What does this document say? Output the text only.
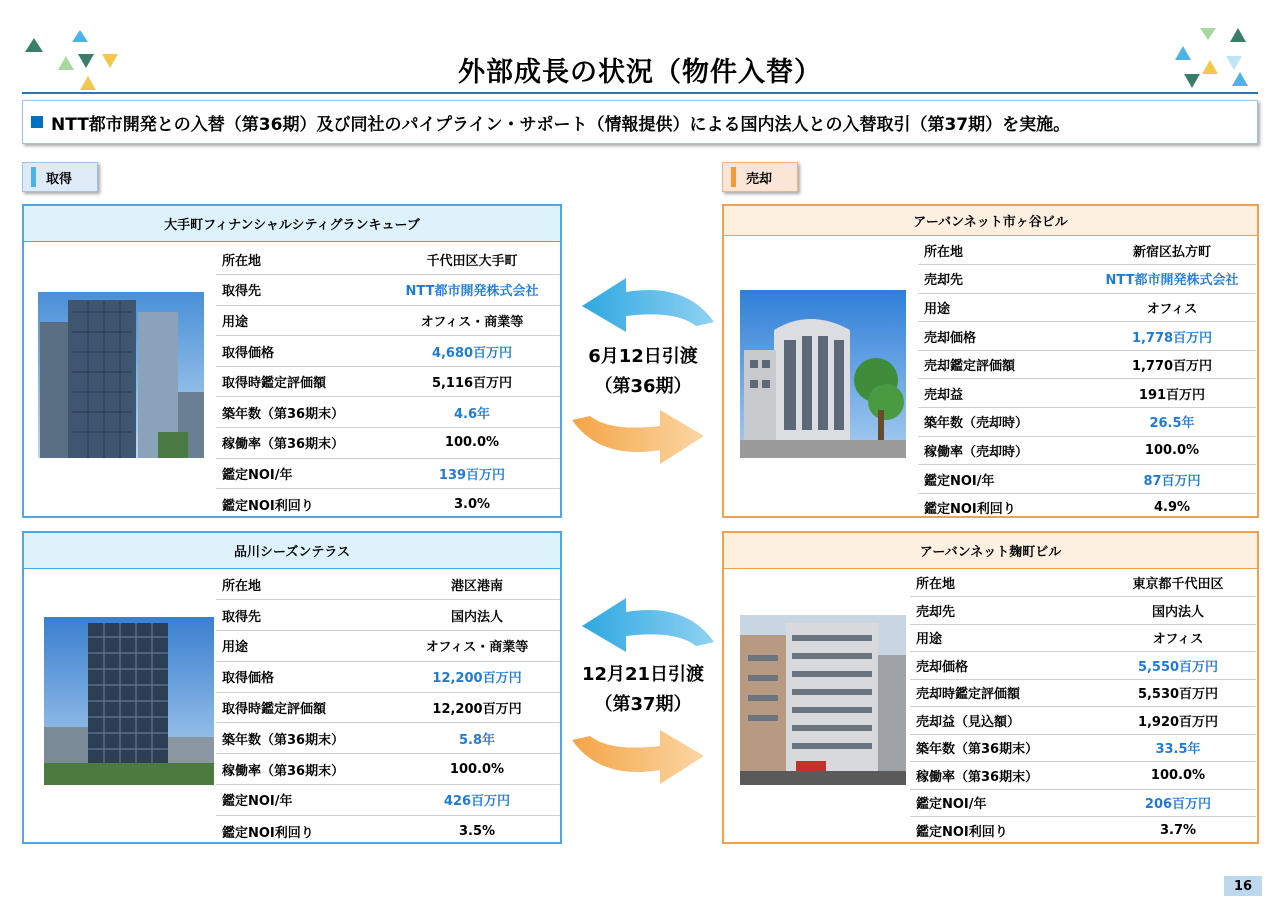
外部成長の状況（物件入替）
NTT都市開発との入替（第36期）及び同社のパイプライン・サポート（情報提供）による国内法人との入替取引（第37期）を実施。
取得	売却
大手町フィナンシャルシティグランキューブ
所在地	千代田区大手町
取得先	NTT都市開発株式会社
用途	オフィス・商業等
取得価格	4,680百万円
取得時鑑定評価額	5,116百万円
築年数（第36期末）	4.6年
稼働率（第36期末）	100.0%
鑑定NOI/年	139百万円
鑑定NOI利回り	3.0%
品川シーズンテラス
所在地	港区港南
取得先	国内法人
用途	オフィス・商業等
取得価格	12,200百万円
取得時鑑定評価額	12,200百万円
築年数（第36期末）	5.8年
稼働率（第36期末）	100.0%
鑑定NOI/年	426百万円
鑑定NOI利回り	3.5%
アーバンネット市ヶ谷ビル
所在地	新宿区払方町
売却先	NTT都市開発株式会社
用途	オフィス
売却価格	1,778百万円
売却鑑定評価額	1,770百万円
売却益	191百万円
築年数（売却時）	26.5年
稼働率（売却時）	100.0%
鑑定NOI/年	87百万円
鑑定NOI利回り	4.9%
アーバンネット麹町ビル
所在地	東京都千代田区
売却先	国内法人
用途	オフィス
売却価格	5,550百万円
売却時鑑定評価額	5,530百万円
売却益（見込額）	1,920百万円
築年数（第36期末）	33.5年
稼働率（第36期末）	100.0%
鑑定NOI/年	206百万円
鑑定NOI利回り	3.7%
6月12日引渡
（第36期）
12月21日引渡
（第37期）
16
